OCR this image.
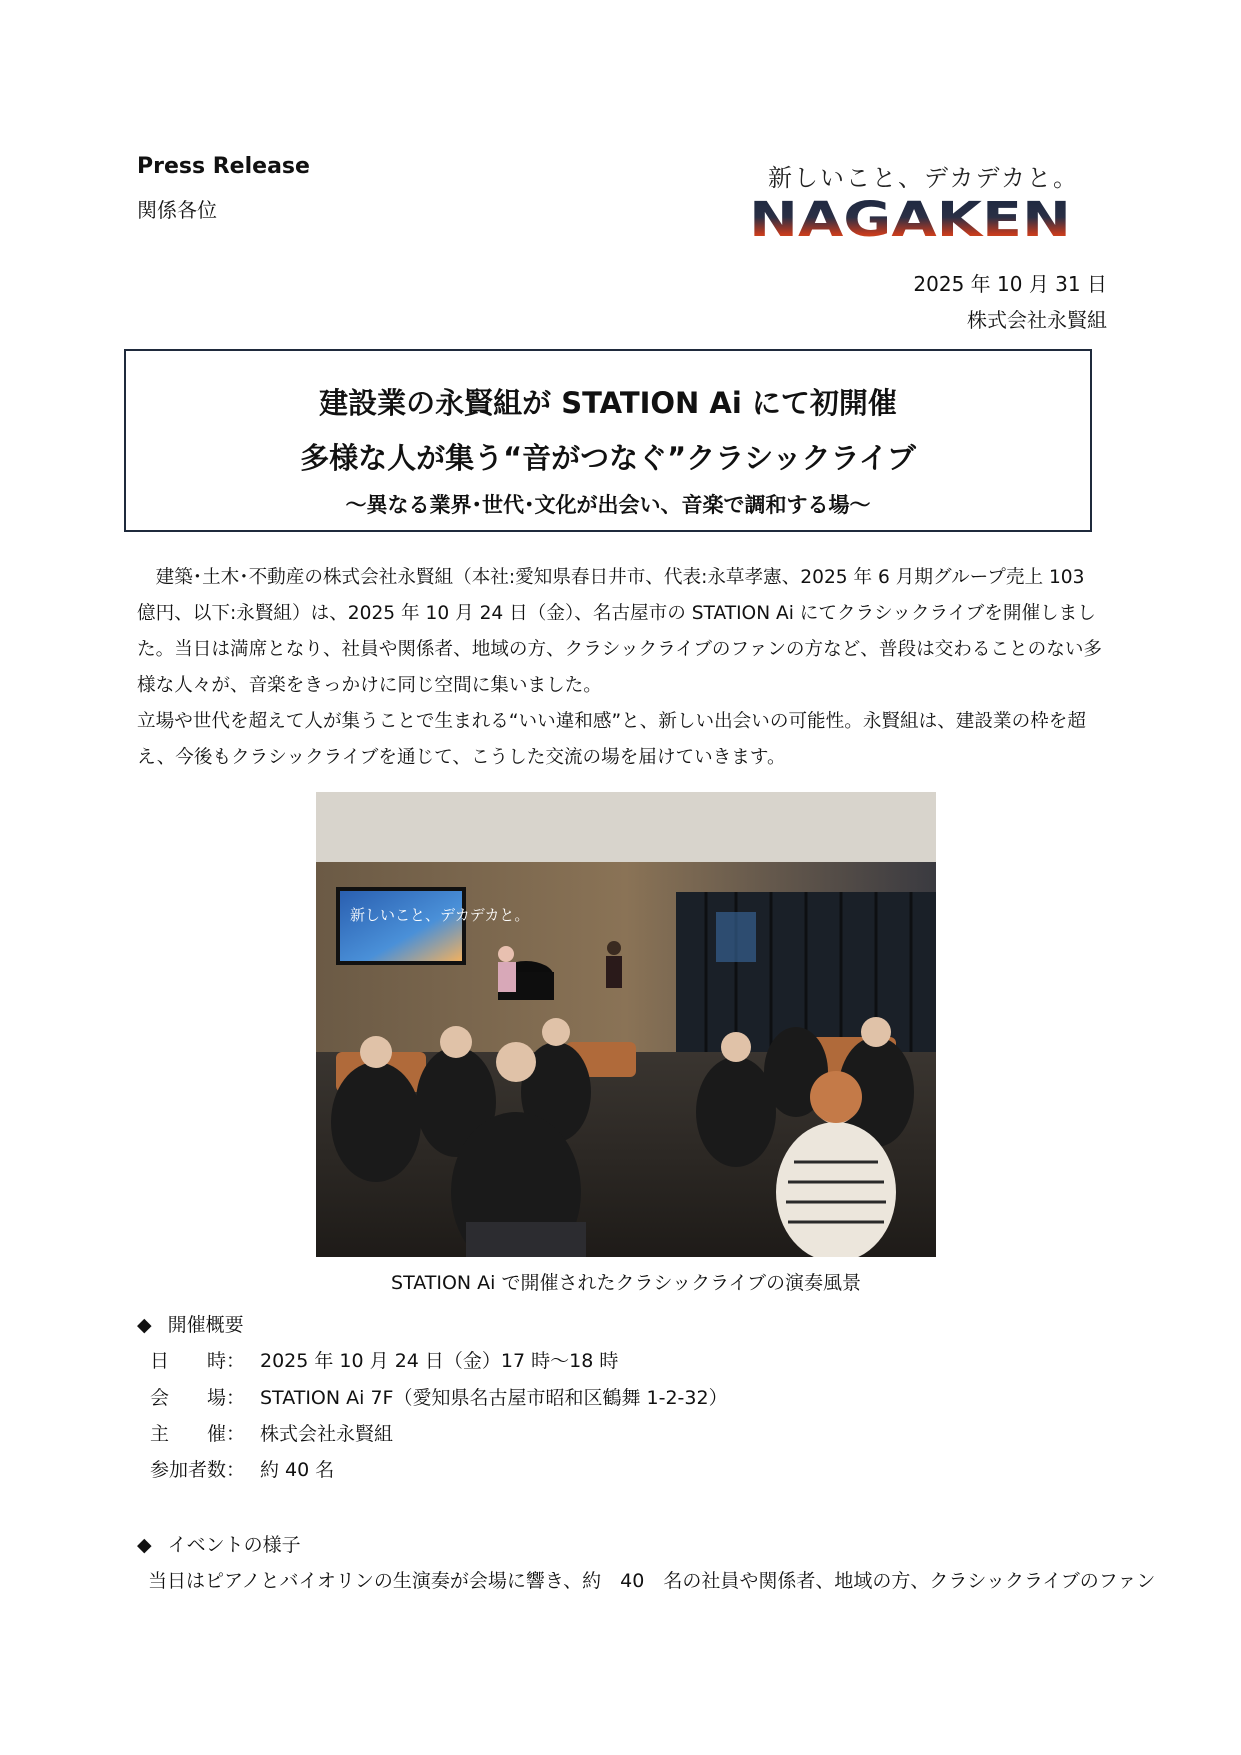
Press Release
関係各位
新しいこと、デカデカと。
NAGAKEN
2025 年 10 月 31 日
株式会社永賢組
建設業の永賢組が STATION Ai にて初開催
多様な人が集う“音がつなぐ”クラシックライブ
～異なる業界･世代･文化が出会い、音楽で調和する場～

建築･土木･不動産の株式会社永賢組（本社:愛知県春日井市、代表:永草孝憲、2025 年 6 月期グループ売上 103 億円、以下:永賢組）は、2025 年 10 月 24 日（金）、名古屋市の STATION Ai にてクラシックライブを開催しました。当日は満席となり、社員や関係者、地域の方、クラシックライブのファンの方など、普段は交わることのない多様な人々が、音楽をきっかけに同じ空間に集いました。

立場や世代を超えて人が集うことで生まれる“いい違和感”と、新しい出会いの可能性。永賢組は、建設業の枠を超え、今後もクラシックライブを通じて、こうした交流の場を届けていきます。

新しいこと、デカデカと。
STATION Ai で開催されたクラシックライブの演奏風景
◆ 開催概要
日　　時： 2025 年 10 月 24 日（金）17 時～18 時
会　　場： STATION Ai 7F（愛知県名古屋市昭和区鶴舞 1-2-32）
主　　催： 株式会社永賢組
参加者数： 約 40 名
◆ イベントの様子
当日はピアノとバイオリンの生演奏が会場に響き、約　40　名の社員や関係者、地域の方、クラシックライブのファン
